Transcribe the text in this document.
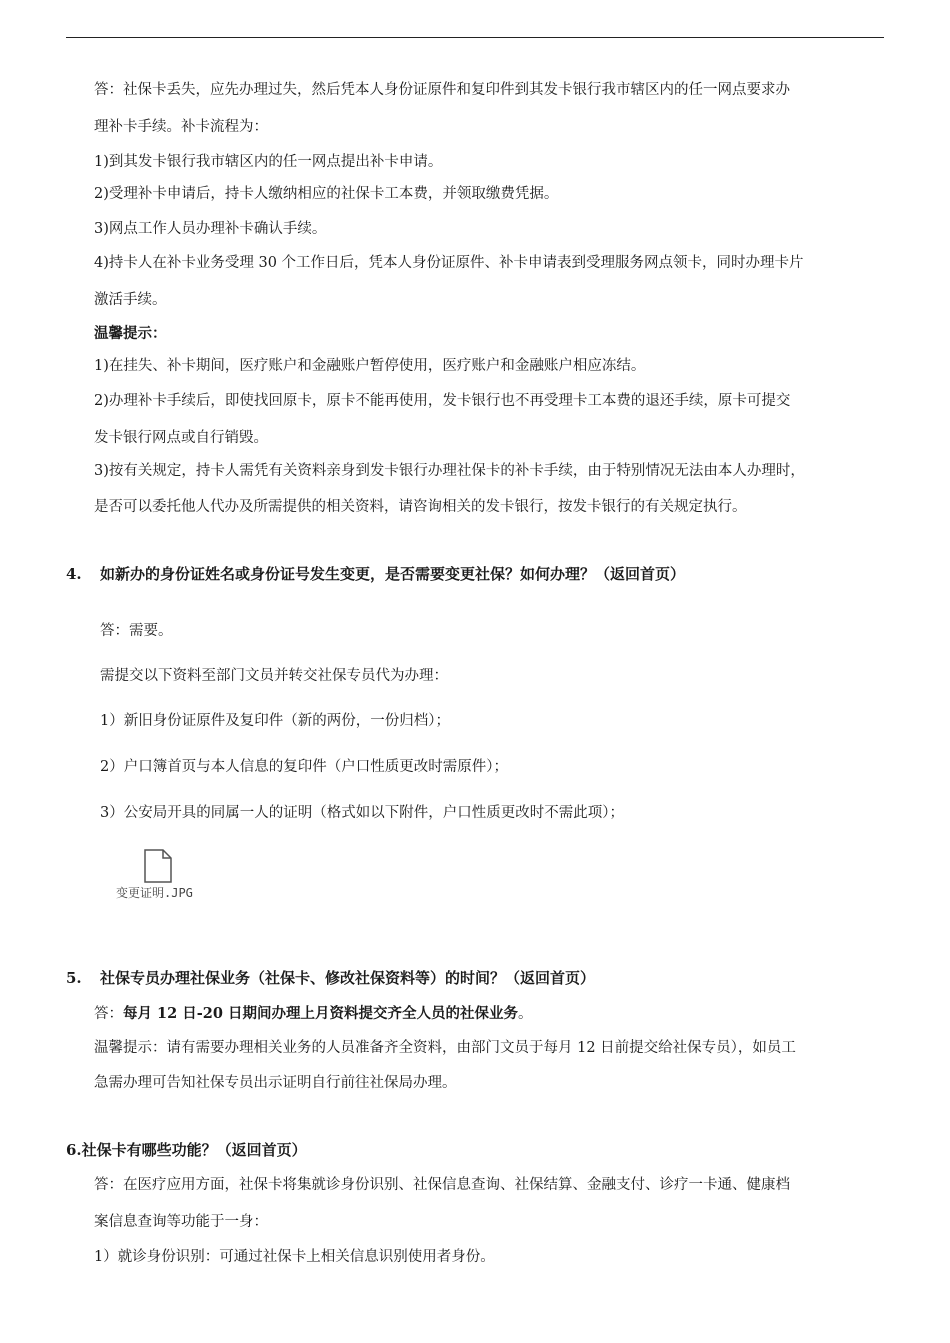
答：社保卡丢失，应先办理过失，然后凭本人身份证原件和复印件到其发卡银行我市辖区内的任一网点要求办
理补卡手续。补卡流程为：
1)到其发卡银行我市辖区内的任一网点提出补卡申请。
2)受理补卡申请后，持卡人缴纳相应的社保卡工本费，并领取缴费凭据。
3)网点工作人员办理补卡确认手续。
4)持卡人在补卡业务受理 30 个工作日后，凭本人身份证原件、补卡申请表到受理服务网点领卡，同时办理卡片
激活手续。
温馨提示：
1)在挂失、补卡期间，医疗账户和金融账户暂停使用，医疗账户和金融账户相应冻结。
2)办理补卡手续后，即使找回原卡，原卡不能再使用，发卡银行也不再受理卡工本费的退还手续，原卡可提交
发卡银行网点或自行销毁。
3)按有关规定，持卡人需凭有关资料亲身到发卡银行办理社保卡的补卡手续，由于特别情况无法由本人办理时，
是否可以委托他人代办及所需提供的相关资料，请咨询相关的发卡银行，按发卡银行的有关规定执行。
4. 如新办的身份证姓名或身份证号发生变更，是否需要变更社保？如何办理？（返回首页）
答：需要。
需提交以下资料至部门文员并转交社保专员代为办理：
1）新旧身份证原件及复印件（新的两份，一份归档）；
2）户口簿首页与本人信息的复印件（户口性质更改时需原件）；
3）公安局开具的同属一人的证明（格式如以下附件，户口性质更改时不需此项）；
变更证明.JPG
5. 社保专员办理社保业务（社保卡、修改社保资料等）的时间？（返回首页）
答：每月 12 日-20 日期间办理上月资料提交齐全人员的社保业务。
温馨提示：请有需要办理相关业务的人员准备齐全资料，由部门文员于每月 12 日前提交给社保专员），如员工
急需办理可告知社保专员出示证明自行前往社保局办理。
6.社保卡有哪些功能？（返回首页）
答：在医疗应用方面，社保卡将集就诊身份识别、社保信息查询、社保结算、金融支付、诊疗一卡通、健康档
案信息查询等功能于一身：
1）就诊身份识别：可通过社保卡上相关信息识别使用者身份。
